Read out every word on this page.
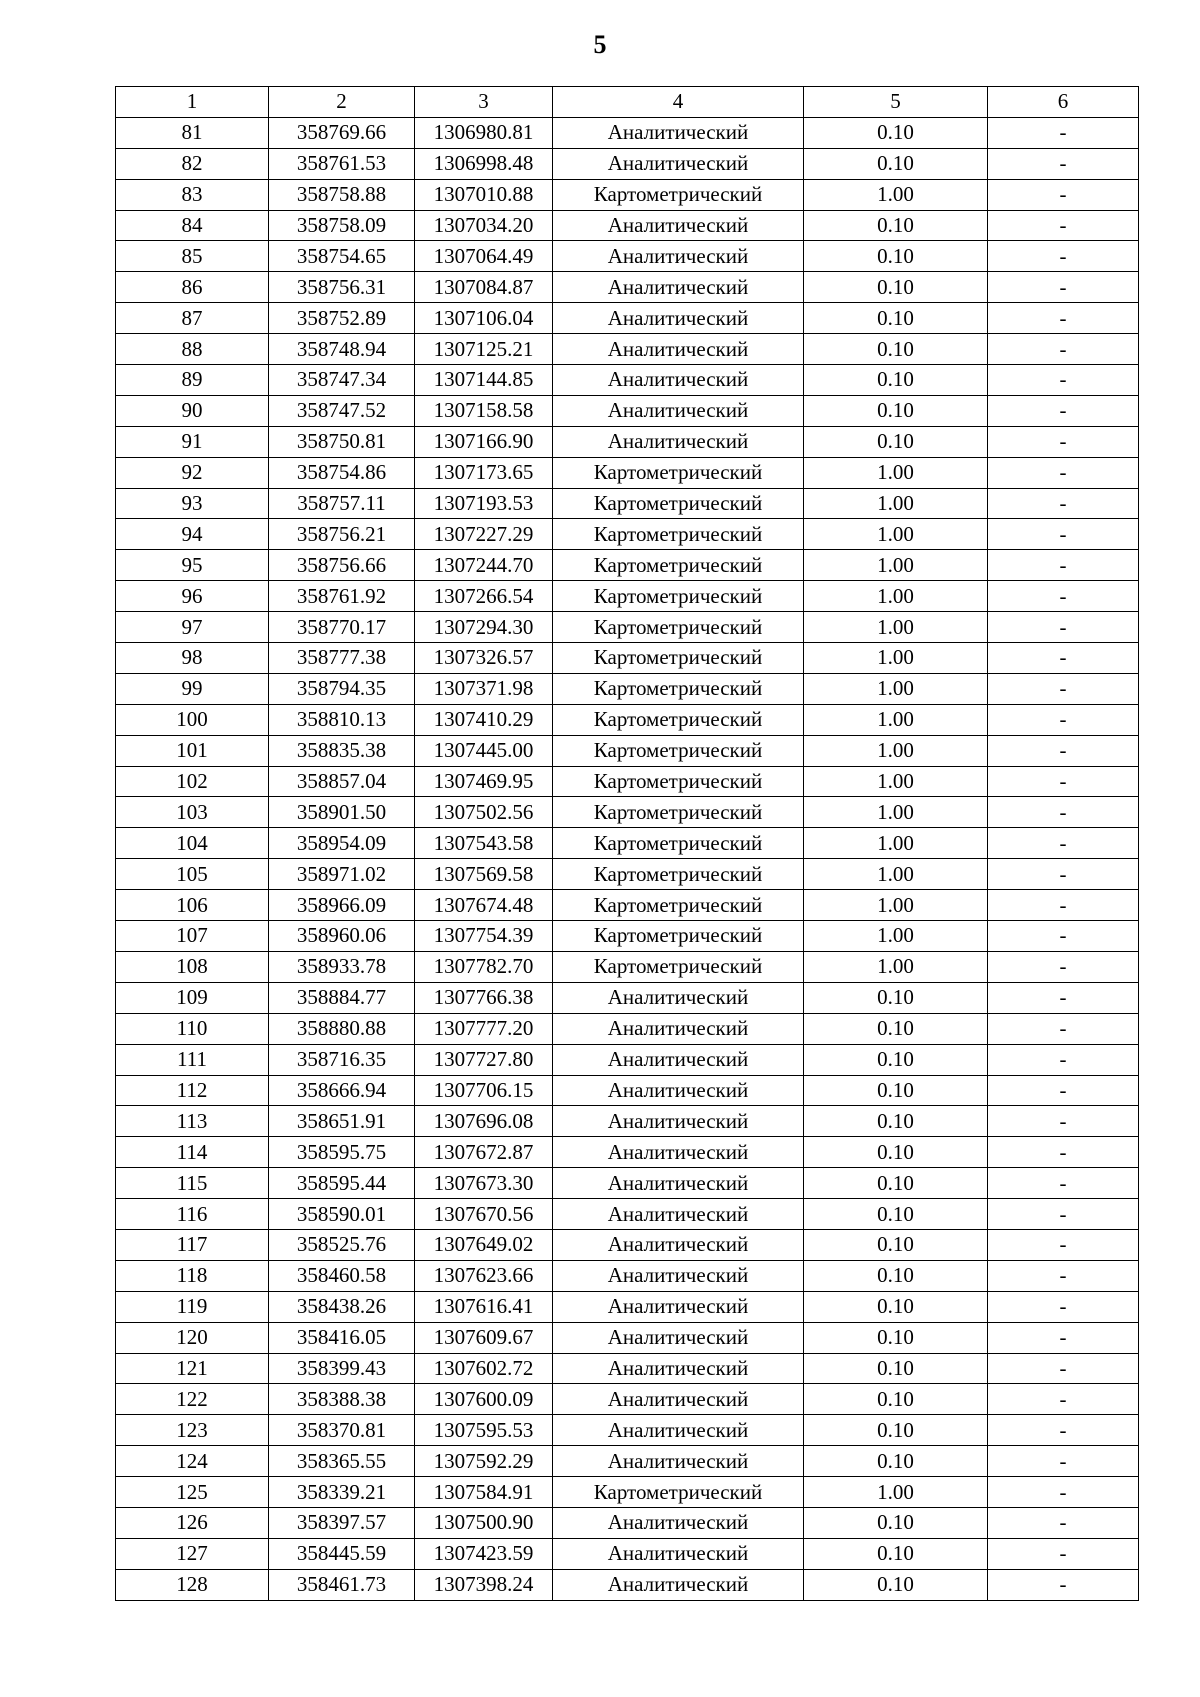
5
1	2	3	4	5	6
81	358769.66	1306980.81	Аналитический	0.10	-
82	358761.53	1306998.48	Аналитический	0.10	-
83	358758.88	1307010.88	Картометрический	1.00	-
84	358758.09	1307034.20	Аналитический	0.10	-
85	358754.65	1307064.49	Аналитический	0.10	-
86	358756.31	1307084.87	Аналитический	0.10	-
87	358752.89	1307106.04	Аналитический	0.10	-
88	358748.94	1307125.21	Аналитический	0.10	-
89	358747.34	1307144.85	Аналитический	0.10	-
90	358747.52	1307158.58	Аналитический	0.10	-
91	358750.81	1307166.90	Аналитический	0.10	-
92	358754.86	1307173.65	Картометрический	1.00	-
93	358757.11	1307193.53	Картометрический	1.00	-
94	358756.21	1307227.29	Картометрический	1.00	-
95	358756.66	1307244.70	Картометрический	1.00	-
96	358761.92	1307266.54	Картометрический	1.00	-
97	358770.17	1307294.30	Картометрический	1.00	-
98	358777.38	1307326.57	Картометрический	1.00	-
99	358794.35	1307371.98	Картометрический	1.00	-
100	358810.13	1307410.29	Картометрический	1.00	-
101	358835.38	1307445.00	Картометрический	1.00	-
102	358857.04	1307469.95	Картометрический	1.00	-
103	358901.50	1307502.56	Картометрический	1.00	-
104	358954.09	1307543.58	Картометрический	1.00	-
105	358971.02	1307569.58	Картометрический	1.00	-
106	358966.09	1307674.48	Картометрический	1.00	-
107	358960.06	1307754.39	Картометрический	1.00	-
108	358933.78	1307782.70	Картометрический	1.00	-
109	358884.77	1307766.38	Аналитический	0.10	-
110	358880.88	1307777.20	Аналитический	0.10	-
111	358716.35	1307727.80	Аналитический	0.10	-
112	358666.94	1307706.15	Аналитический	0.10	-
113	358651.91	1307696.08	Аналитический	0.10	-
114	358595.75	1307672.87	Аналитический	0.10	-
115	358595.44	1307673.30	Аналитический	0.10	-
116	358590.01	1307670.56	Аналитический	0.10	-
117	358525.76	1307649.02	Аналитический	0.10	-
118	358460.58	1307623.66	Аналитический	0.10	-
119	358438.26	1307616.41	Аналитический	0.10	-
120	358416.05	1307609.67	Аналитический	0.10	-
121	358399.43	1307602.72	Аналитический	0.10	-
122	358388.38	1307600.09	Аналитический	0.10	-
123	358370.81	1307595.53	Аналитический	0.10	-
124	358365.55	1307592.29	Аналитический	0.10	-
125	358339.21	1307584.91	Картометрический	1.00	-
126	358397.57	1307500.90	Аналитический	0.10	-
127	358445.59	1307423.59	Аналитический	0.10	-
128	358461.73	1307398.24	Аналитический	0.10	-
